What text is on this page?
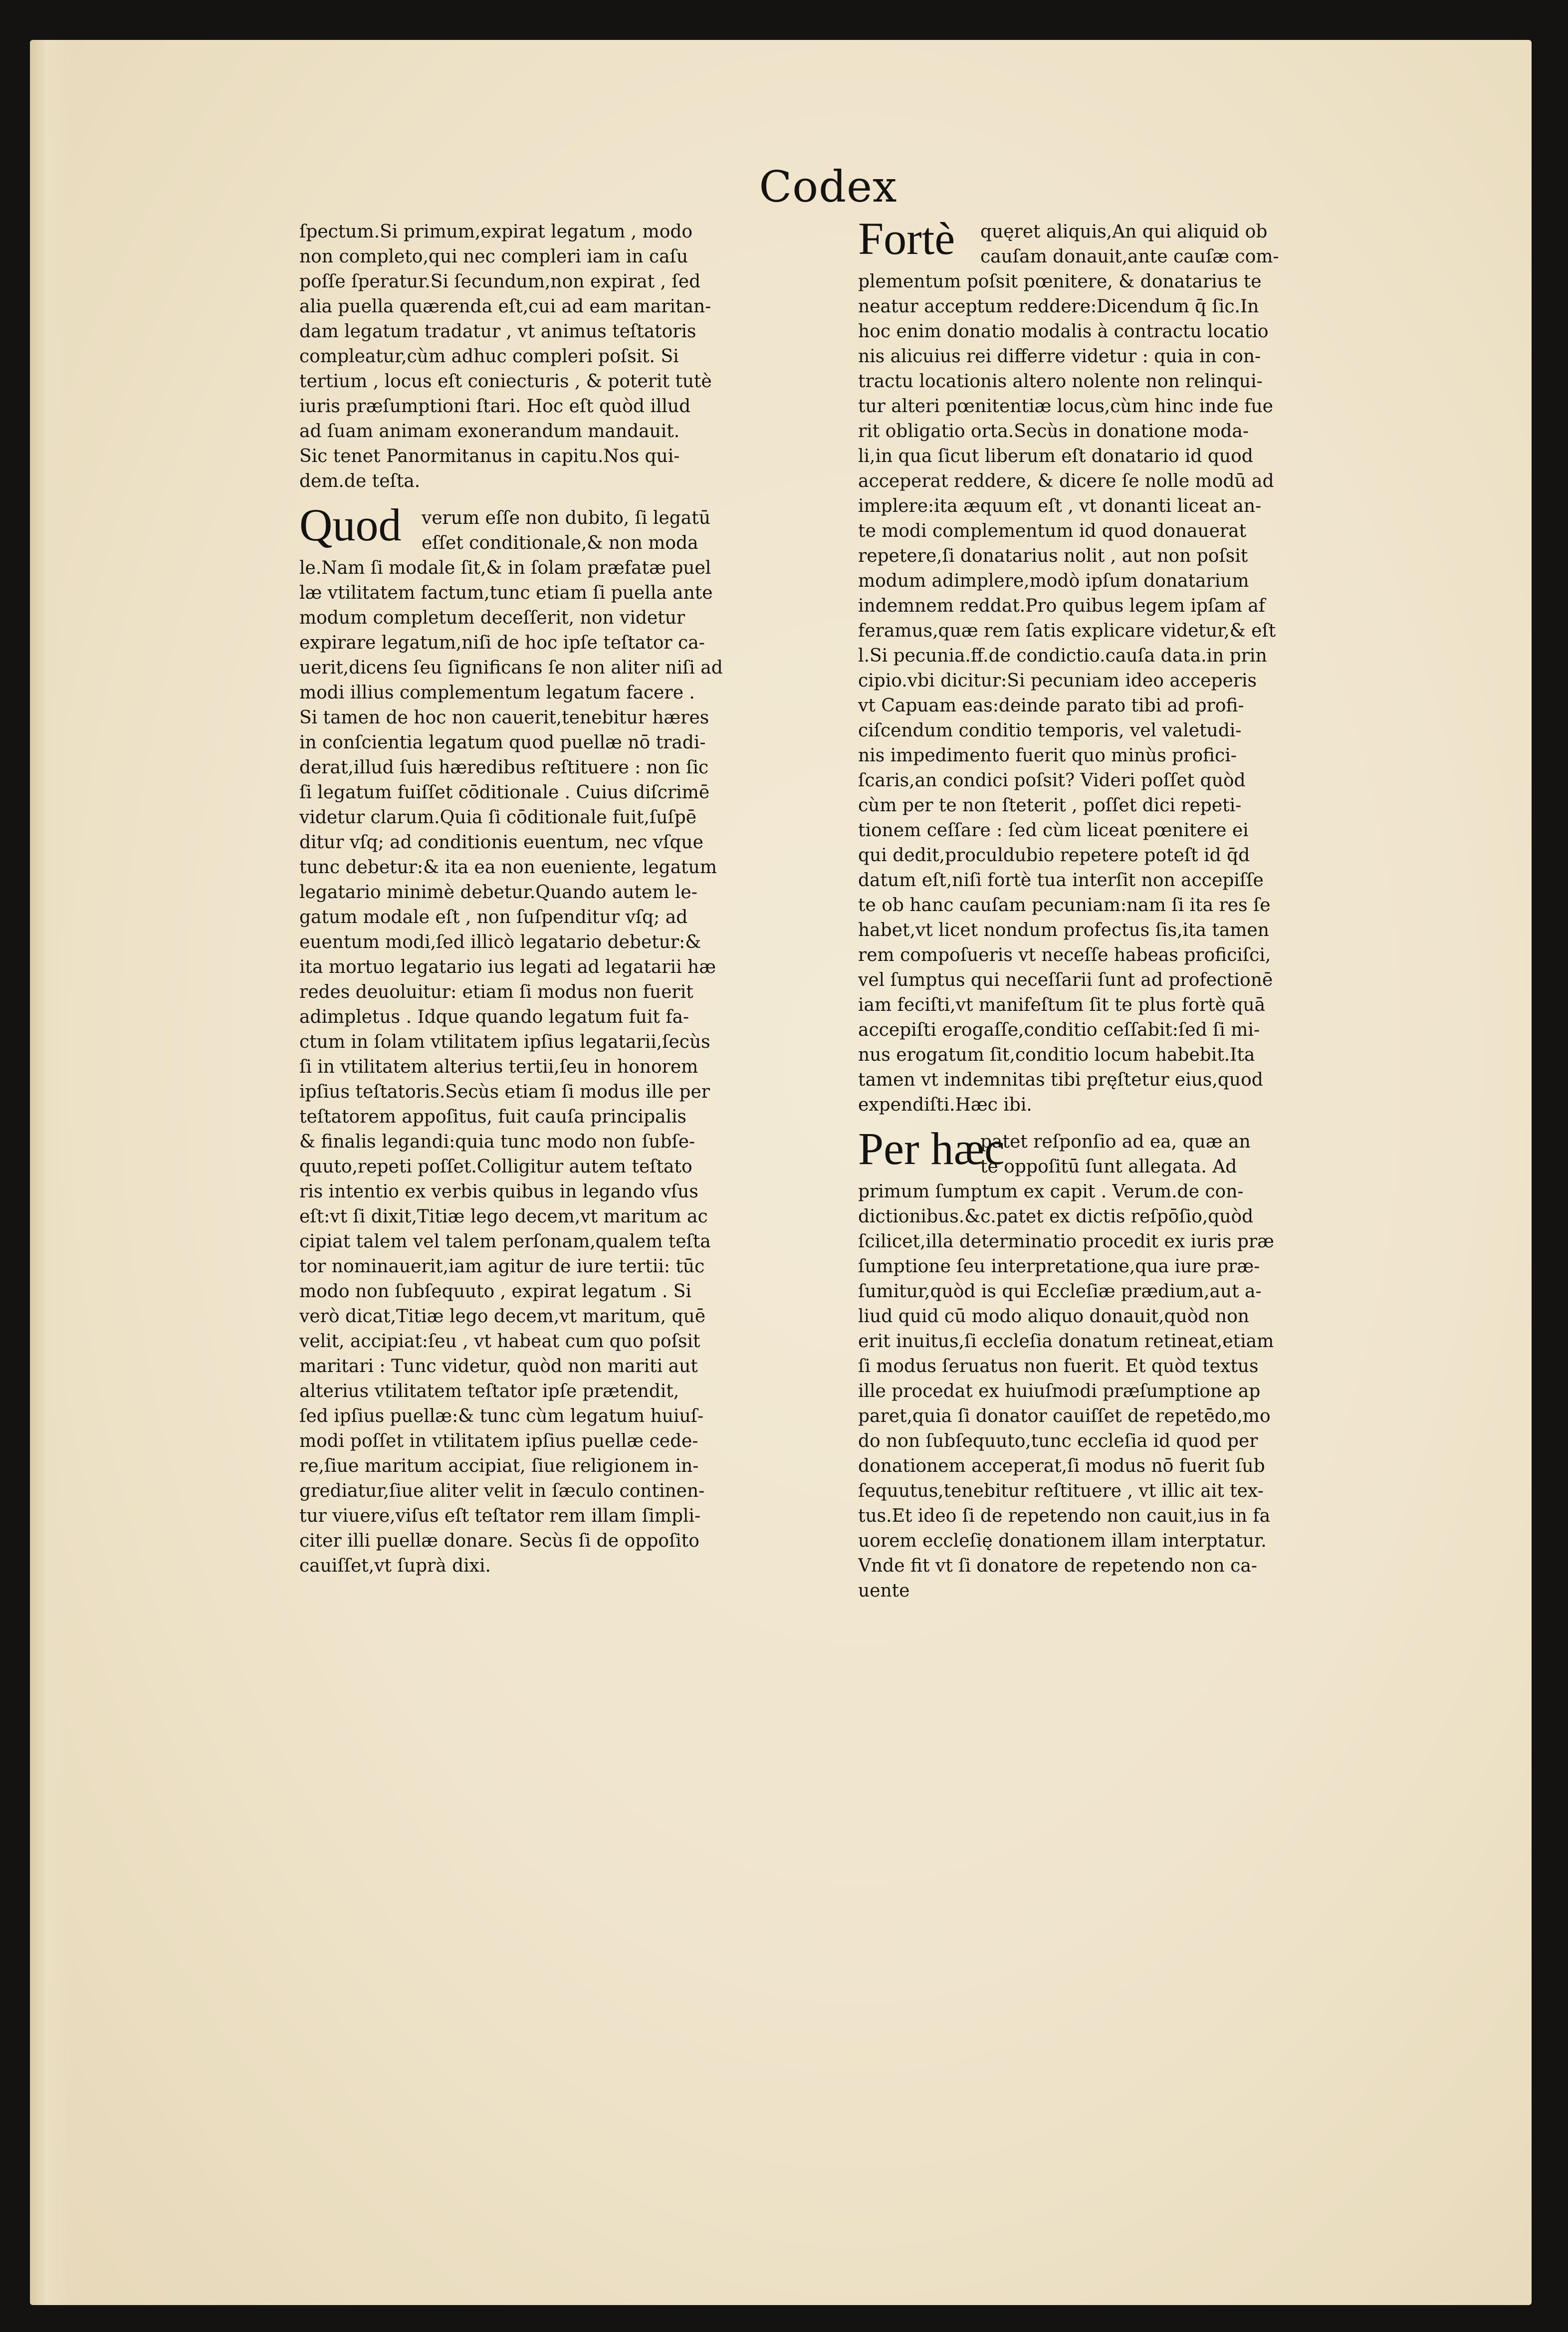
Codex
ſpectum.Si primum,expirat legatum , modo
non completo,qui nec compleri iam in caſu
poſſe ſperatur.Si ſecundum,non expirat , ſed
alia puella quærenda eſt,cui ad eam maritan-
dam legatum tradatur , vt animus teſtatoris
compleatur,cùm adhuc compleri poſsit. Si
tertium , locus eſt coniecturis , & poterit tutè
iuris præſumptioni ſtari. Hoc eſt quòd illud
ad ſuam animam exonerandum mandauit.
Sic tenet Panormitanus in capitu.Nos qui-
dem.de teſta.
Quod	verum eſſe non dubito, ſi legatū
eſſet conditionale,& non moda
le.Nam ſi modale ſit,& in ſolam præfatæ puel
læ vtilitatem factum,tunc etiam ſi puella ante
modum completum deceſſerit, non videtur
expirare legatum,niſi de hoc ipſe teſtator ca-
uerit,dicens ſeu ſignificans ſe non aliter niſi ad
modi illius complementum legatum facere .
Si tamen de hoc non cauerit,tenebitur hæres
in conſcientia legatum quod puellæ nō tradi-
derat,illud ſuis hæredibus reſtituere : non ſic
ſi legatum fuiſſet cōditionale . Cuius diſcrimē
videtur clarum.Quia ſi cōditionale fuit,ſuſpē
ditur vſq; ad conditionis euentum, nec vſque
tunc debetur:& ita ea non eueniente, legatum
legatario minimè debetur.Quando autem le-
gatum modale eſt , non ſuſpenditur vſq; ad
euentum modi,ſed illicò legatario debetur:&
ita mortuo legatario ius legati ad legatarii hæ
redes deuoluitur: etiam ſi modus non fuerit
adimpletus . Idque quando legatum fuit fa-
ctum in ſolam vtilitatem ipſius legatarii,ſecùs
ſi in vtilitatem alterius tertii,ſeu in honorem
ipſius teſtatoris.Secùs etiam ſi modus ille per
teſtatorem appoſitus, fuit cauſa principalis
& finalis legandi:quia tunc modo non ſubſe-
quuto,repeti poſſet.Colligitur autem teſtato
ris intentio ex verbis quibus in legando vſus
eſt:vt ſi dixit,Titiæ lego decem,vt maritum ac
cipiat talem vel talem perſonam,qualem teſta
tor nominauerit,iam agitur de iure tertii: tūc
modo non ſubſequuto , expirat legatum . Si
verò dicat,Titiæ lego decem,vt maritum, quē
velit, accipiat:ſeu , vt habeat cum quo poſsit
maritari : Tunc videtur, quòd non mariti aut
alterius vtilitatem teſtator ipſe prætendit,
ſed ipſius puellæ:& tunc cùm legatum huiuſ-
modi poſſet in vtilitatem ipſius puellæ cede-
re,ſiue maritum accipiat, ſiue religionem in-
grediatur,ſiue aliter velit in ſæculo continen-
tur viuere,viſus eſt teſtator rem illam ſimpli-
citer illi puellæ donare. Secùs ſi de oppoſito
cauiſſet,vt ſuprà dixi.
Fortè	quęret aliquis,An qui aliquid ob
cauſam donauit,ante cauſæ com-
plementum poſsit pœnitere, & donatarius te
neatur acceptum reddere:Dicendum q̄ ſic.In
hoc enim donatio modalis à contractu locatio
nis alicuius rei differre videtur : quia in con-
tractu locationis altero nolente non relinqui-
tur alteri pœnitentiæ locus,cùm hinc inde fue
rit obligatio orta.Secùs in donatione moda-
li,in qua ſicut liberum eſt donatario id quod
acceperat reddere, & dicere ſe nolle modū ad
implere:ita æquum eſt , vt donanti liceat an-
te modi complementum id quod donauerat
repetere,ſi donatarius nolit , aut non poſsit
modum adimplere,modò ipſum donatarium
indemnem reddat.Pro quibus legem ipſam af
feramus,quæ rem ſatis explicare videtur,& eſt
l.Si pecunia.ff.de condictio.cauſa data.in prin
cipio.vbi dicitur:Si pecuniam ideo acceperis
vt Capuam eas:deinde parato tibi ad profi-
ciſcendum conditio temporis, vel valetudi-
nis impedimento fuerit quo minùs profici-
ſcaris,an condici poſsit? Videri poſſet quòd
cùm per te non ſteterit , poſſet dici repeti-
tionem ceſſare : ſed cùm liceat pœnitere ei
qui dedit,proculdubio repetere poteſt id q̄d
datum eſt,niſi fortè tua interſit non accepiſſe
te ob hanc cauſam pecuniam:nam ſi ita res ſe
habet,vt licet nondum profectus ſis,ita tamen
rem compoſueris vt neceſſe habeas proficiſci,
vel ſumptus qui neceſſarii ſunt ad profectionē
iam feciſti,vt manifeſtum ſit te plus fortè quā
accepiſti erogaſſe,conditio ceſſabit:ſed ſi mi-
nus erogatum ſit,conditio locum habebit.Ita
tamen vt indemnitas tibi pręſtetur eius,quod
expendiſti.Hæc ibi.
Per hæc
patet reſponſio ad ea, quæ an
te oppoſitū ſunt allegata. Ad
primum ſumptum ex capit . Verum.de con-
dictionibus.&c.patet ex dictis reſpōſio,quòd
ſcilicet,illa determinatio procedit ex iuris præ
ſumptione ſeu interpretatione,qua iure præ-
ſumitur,quòd is qui Eccleſiæ prædium,aut a-
liud quid cū modo aliquo donauit,quòd non
erit inuitus,ſi eccleſia donatum retineat,etiam
ſi modus ſeruatus non fuerit. Et quòd textus
ille procedat ex huiuſmodi præſumptione ap
paret,quia ſi donator cauiſſet de repetēdo,mo
do non ſubſequuto,tunc eccleſia id quod per
donationem acceperat,ſi modus nō fuerit ſub
ſequutus,tenebitur reſtituere , vt illic ait tex-
tus.Et ideo ſi de repetendo non cauit,ius in fa
uorem eccleſię donationem illam interptatur.
Vnde fit vt ſi donatore de repetendo non ca-
uente
